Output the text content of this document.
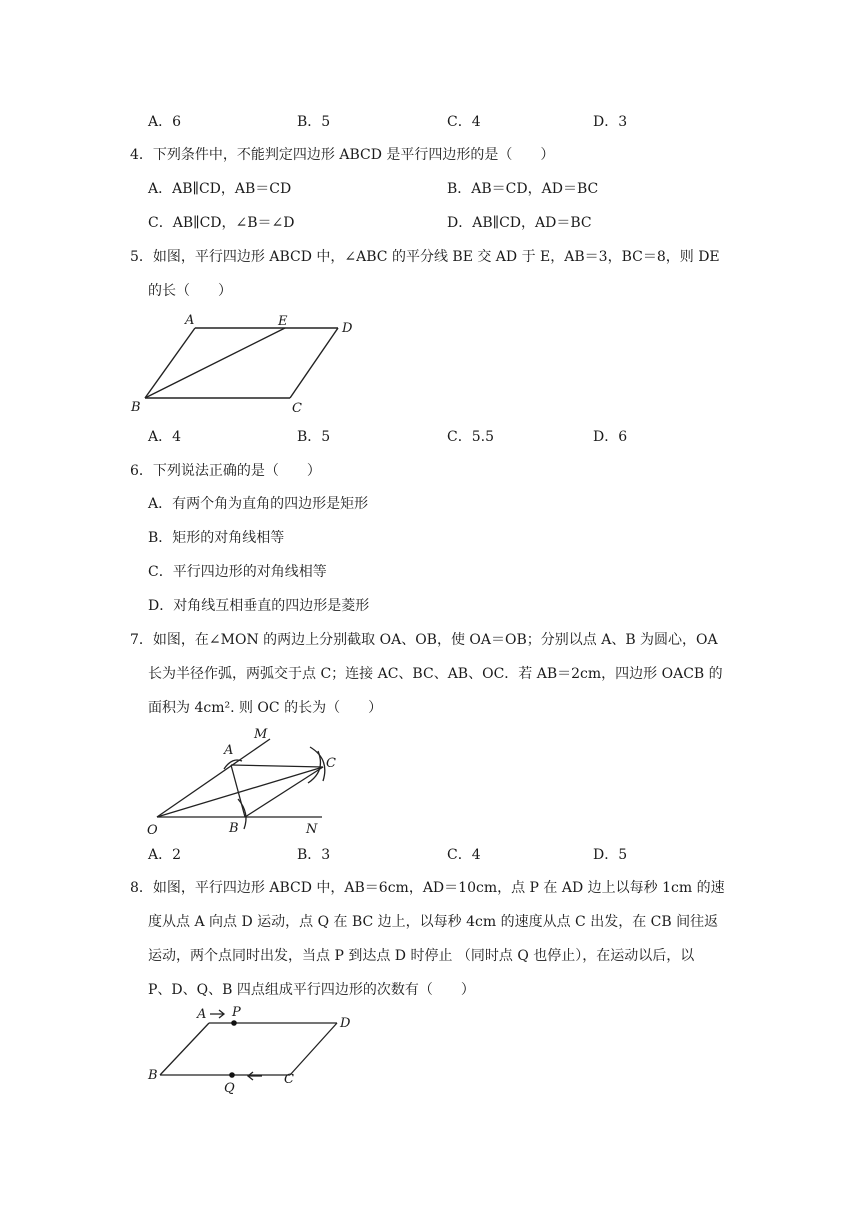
A．6	B．5	C．4	D．3
4．下列条件中，不能判定四边形 ABCD 是平行四边形的是（　　）
A．AB∥CD，AB＝CD	B．AB＝CD，AD＝BC
C．AB∥CD，∠B＝∠D	D．AB∥CD，AD＝BC
5．如图，平行四边形 ABCD 中，∠ABC 的平分线 BE 交 AD 于 E，AB＝3，BC＝8，则 DE
的长（　　）
A	E	D
B	C
A．4	B．5	C．5.5	D．6
6．下列说法正确的是（　　）
A．有两个角为直角的四边形是矩形
B．矩形的对角线相等
C．平行四边形的对角线相等
D．对角线互相垂直的四边形是菱形
7．如图，在∠MON 的两边上分别截取 OA、OB，使 OA＝OB；分别以点 A、B 为圆心，OA
长为半径作弧，两弧交于点 C；连接 AC、BC、AB、OC．若 AB＝2cm，四边形 OACB 的
面积为 4cm². 则 OC 的长为（　　）
M
A
C
O	B	N
A．2	B．3	C．4	D．5
8．如图，平行四边形 ABCD 中，AB＝6cm，AD＝10cm，点 P 在 AD 边上以每秒 1cm 的速
度从点 A 向点 D 运动，点 Q 在 BC 边上，以每秒 4cm 的速度从点 C 出发，在 CB 间往返
运动，两个点同时出发，当点 P 到达点 D 时停止 （同时点 Q 也停止），在运动以后，以
P、D、Q、B 四点组成平行四边形的次数有（　　）
A P
D
B
Q
C
